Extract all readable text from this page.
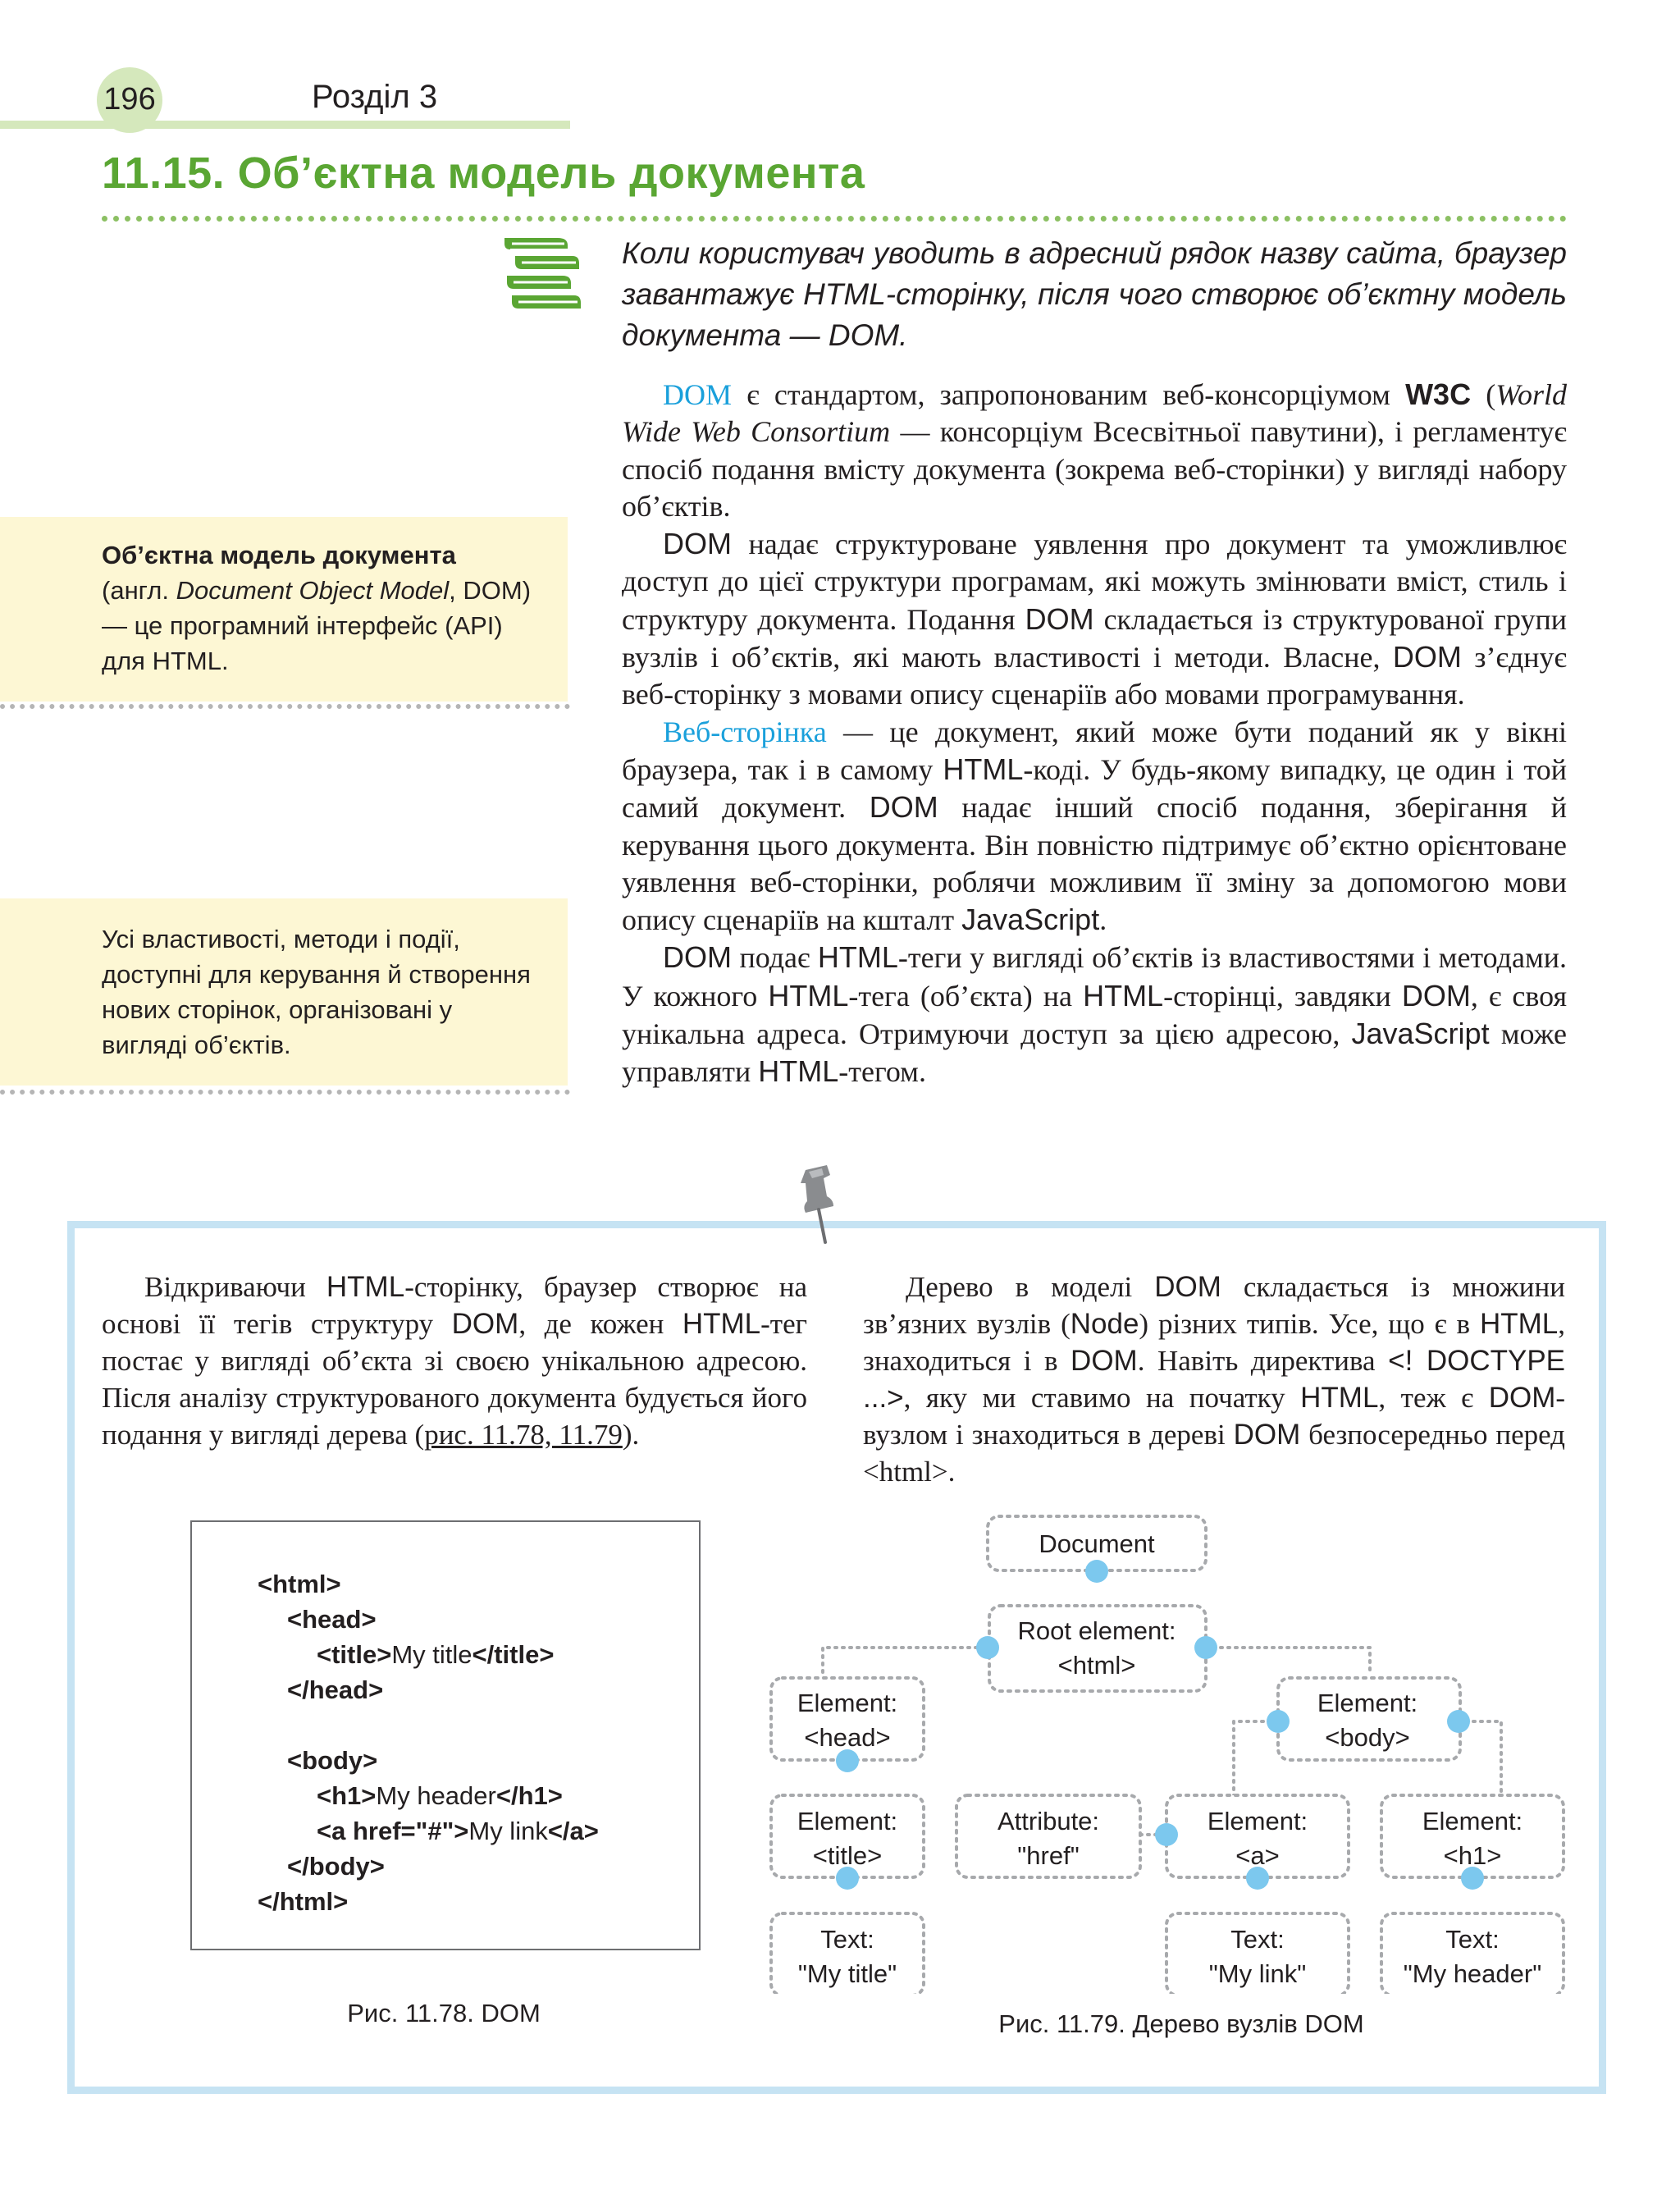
196	Розділ 3
11.15. Об’єктна модель документа
Коли користувач уводить в адресний рядок назву сайта, браузер завантажує HTML-сторінку, після чого створює об’єктну модель документа — DOM.
Об’єктна модель документа
(англ. Document Object Model, DOM) — це програмний інтерфейс (API) для HTML.
Усі властивості, методи і події, доступні для керування й створення нових сторінок, організовані у вигляді об’єктів.

DOM є стандартом, запропонованим веб-консорціумом W3C (World Wide Web Consortium — консорціум Всесвітньої павутини), і регламентує спосіб подання вмісту документа (зокрема веб-сторінки) у вигляді набору об’єктів.

DOM надає структуроване уявлення про документ та уможливлює доступ до цієї структури програмам, які можуть змінювати вміст, стиль і структуру документа. Подання DOM складається із структурованої групи вузлів і об’єктів, які мають властивості і методи. Власне, DOM з’єднує веб-сторінку з мовами опису сценаріїв або мовами програмування.

Веб-сторінка — це документ, який може бути поданий як у вікні браузера, так і в самому HTML-коді. У будь-якому випадку, це один і той самий документ. DOM надає інший спосіб подання, зберігання й керування цього документа. Він повністю підтримує об’єктно орієнтоване уявлення веб-сторінки, роблячи можливим її зміну за допомогою мови опису сценаріїв на кшталт JavaScript.

DOM подає HTML-теги у вигляді об’єктів із властивостями і методами. У кожного HTML-тега (об’єкта) на HTML-сторінці, завдяки DOM, є своя унікальна адреса. Отримуючи доступ за цією адресою, JavaScript може управляти HTML-тегом.

Відкриваючи HTML-сторінку, браузер створює на основі її тегів структуру DOM, де кожен HTML-тег постає у вигляді об’єкта зі своєю унікальною адресою. Після аналізу структурованого документа будується його подання у вигляді дерева (рис. 11.78, 11.79).

Дерево в моделі DOM складається із множини зв’язних вузлів (Node) різних типів. Усе, що є в HTML, знаходиться і в DOM. Навіть директива <! DOCTYPE ...>, яку ми ставимо на початку HTML, теж є DOM-вузлом і знаходиться в дереві DOM безпосередньо перед <html>.

<html>
<head>
<title>My title</title>
</head>
<body>
<h1>My header</h1>
<a href="#">My link</a>
</body>
</html>
Рис. 11.78. DOM
Document
Root element:
<html>
Element:
<head>
Element:
<body>
Element:
<title>
Attribute:
"href"
Element:
<a>
Element:
<h1>
Text:
"My title"
Text:
"My link"
Text:
"My header"
Рис. 11.79. Дерево вузлів DOM
